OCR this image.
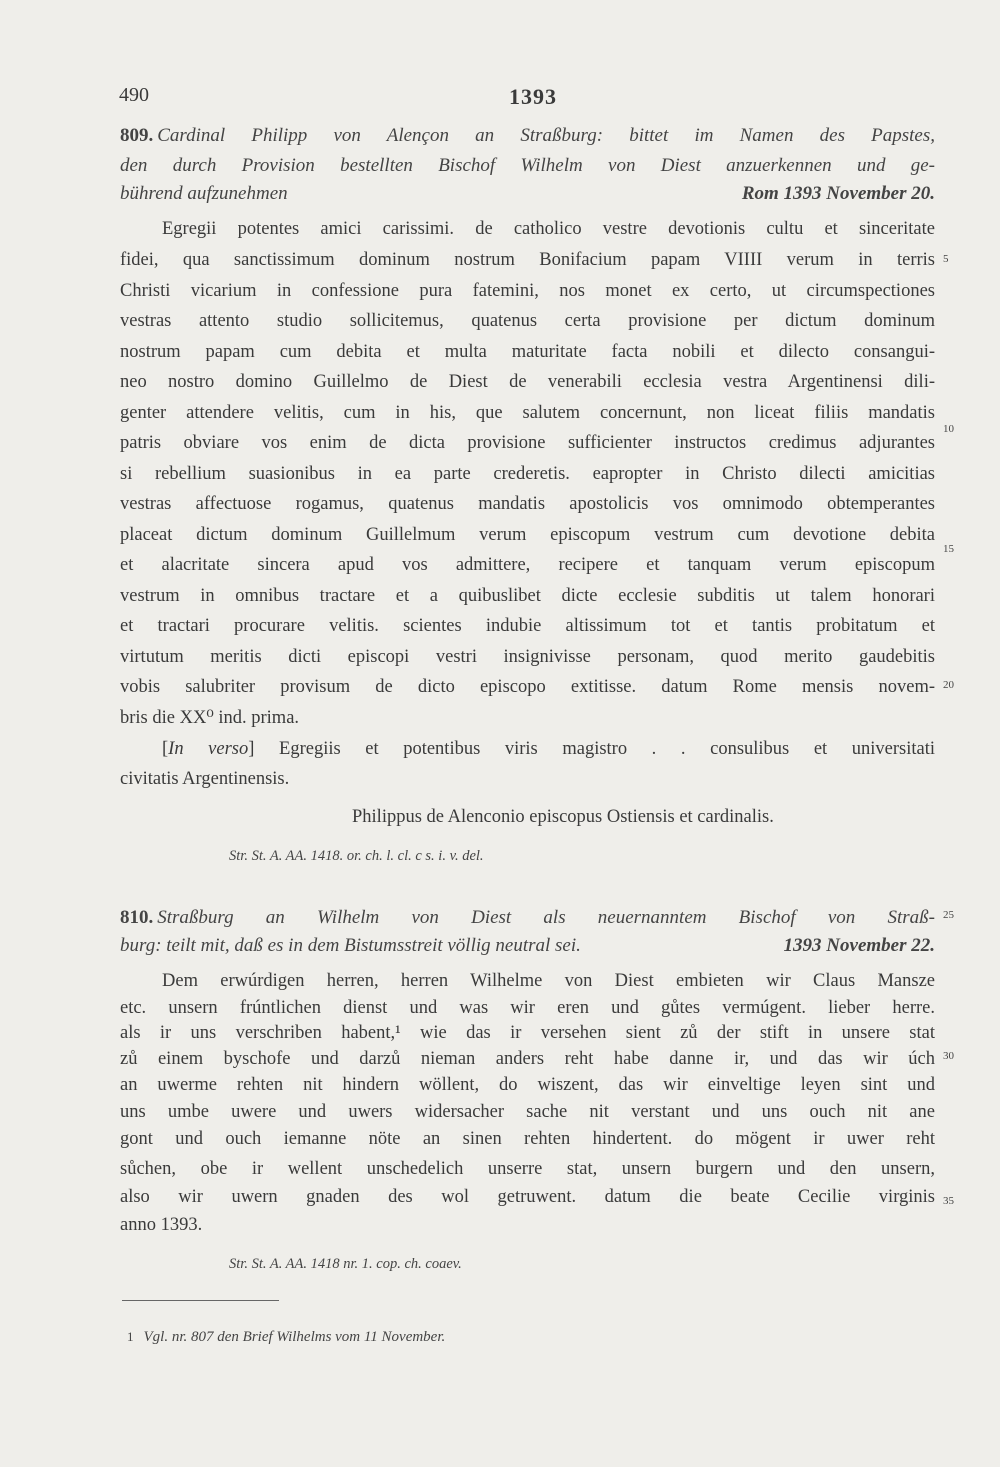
490	1393
809. Cardinal Philipp von Alençon an Straßburg: bittet im Namen des Papstes,
den durch Provision bestellten Bischof Wilhelm von Diest anzuerkennen und ge-
bührend aufzunehmen	Rom 1393 November 20.
Egregii potentes amici carissimi. de catholico vestre devotionis cultu et sinceritate
fidei, qua sanctissimum dominum nostrum Bonifacium papam VIIII verum in terris
Christi vicarium in confessione pura fatemini, nos monet ex certo, ut circumspectiones
vestras attento studio sollicitemus, quatenus certa provisione per dictum dominum
nostrum papam cum debita et multa maturitate facta nobili et dilecto consangui-
neo nostro domino Guillelmo de Diest de venerabili ecclesia vestra Argentinensi dili-
genter attendere velitis, cum in his, que salutem concernunt, non liceat filiis mandatis
patris obviare vos enim de dicta provisione sufficienter instructos credimus adjurantes
si rebellium suasionibus in ea parte crederetis. eapropter in Christo dilecti amicitias
vestras affectuose rogamus, quatenus mandatis apostolicis vos omnimodo obtemperantes
placeat dictum dominum Guillelmum verum episcopum vestrum cum devotione debita
et alacritate sincera apud vos admittere, recipere et tanquam verum episcopum
vestrum in omnibus tractare et a quibuslibet dicte ecclesie subditis ut talem honorari
et tractari procurare velitis. scientes indubie altissimum tot et tantis probitatum et
virtutum meritis dicti episcopi vestri insignivisse personam, quod merito gaudebitis
vobis salubriter provisum de dicto episcopo extitisse. datum Rome mensis novem-
bris die XX⁰ ind. prima.
[In verso] Egregiis et potentibus viris magistro . . consulibus et universitati
civitatis Argentinensis.
Philippus de Alenconio episcopus Ostiensis et cardinalis.
Str. St. A. AA. 1418. or. ch. l. cl. c s. i. v. del.
810. Straßburg an Wilhelm von Diest als neuernanntem Bischof von Straß-
burg: teilt mit, daß es in dem Bistumsstreit völlig neutral sei.	1393 November 22.
Dem erwúrdigen herren, herren Wilhelme von Diest embieten wir Claus Mansze
etc. unsern frúntlichen dienst und was wir eren und gůtes vermúgent. lieber herre.
als ir uns verschriben habent,¹ wie das ir versehen sient zů der stift in unsere stat
zů einem byschofe und darzů nieman anders reht habe danne ir, und das wir úch
an uwerme rehten nit hindern wöllent, do wiszent, das wir einveltige leyen sint und
uns umbe uwere und uwers widersacher sache nit verstant und uns ouch nit ane
gont und ouch iemanne nöte an sinen rehten hindertent. do mögent ir uwer reht
sůchen, obe ir wellent unschedelich unserre stat, unsern burgern und den unsern,
also wir uwern gnaden des wol getruwent. datum die beate Cecilie virginis
anno 1393.
Str. St. A. AA. 1418 nr. 1. cop. ch. coaev.
5
10
15
20
25
30
35
1 Vgl. nr. 807 den Brief Wilhelms vom 11 November.
